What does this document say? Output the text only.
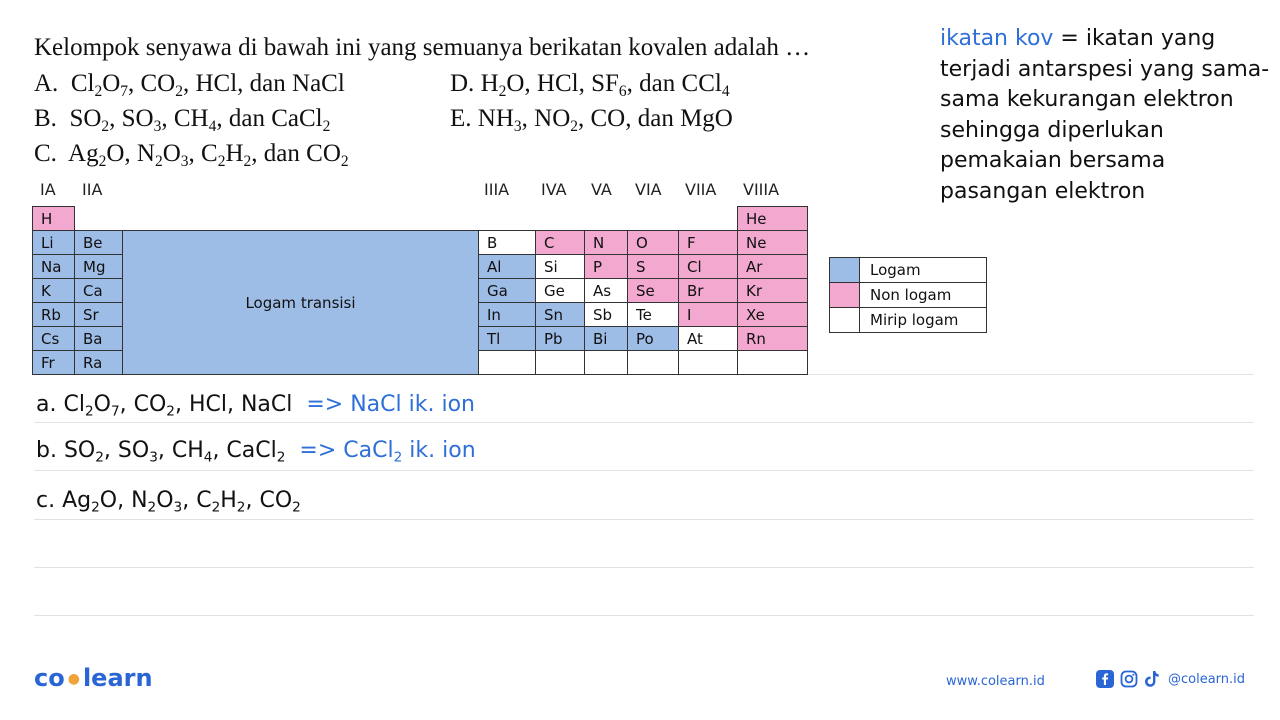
Kelompok senyawa di bawah ini yang semuanya berikatan kovalen adalah …
A.  $Cl_2O_7$, $CO_2$, HCl, dan NaCl	D. $H_2O$, HCl, $SF_6$, dan CCl$_4$
B.  $SO_2$, $SO_3$, $CH_4$, dan CaCl$_2$	E. $NH_3$, $NO_2$, CO, dan MgO
C.  $Ag_2O$, $N_2O_3$, $C_2H_2$, dan $CO_2$
ikatan kov = ikatan yang terjadi antarspesi yang sama-sama kekurangan elektron sehingga diperlukan pemakaian bersama pasangan elektron
IA IIA	IIIA IVA VA VIA VIIA VIIIA
H								He
Li	Be	Logam transisi	B	C	N	O	F	Ne
Na	Mg		Al	Si	P	S	Cl	Ar
K	Ca		Ga	Ge	As	Se	Br	Kr
Rb	Sr		In	Sn	Sb	Te	I	Xe
Cs	Ba		Tl	Pb	Bi	Po	At	Rn
Fr	Ra							
	Logam
	Non logam
	Mirip logam
a. $Cl_2O_7$, $CO_2$, HCl, NaCl  => NaCl ik. ion
b. $SO_2$, $SO_3$, $CH_4$, CaCl$_2$ => CaCl$_2$ ik. ion
c. $Ag_2O$, $N_2O_3$, $C_2H_2$, $CO_2$
co ● learn	www.colearn.id	@colearn.id
